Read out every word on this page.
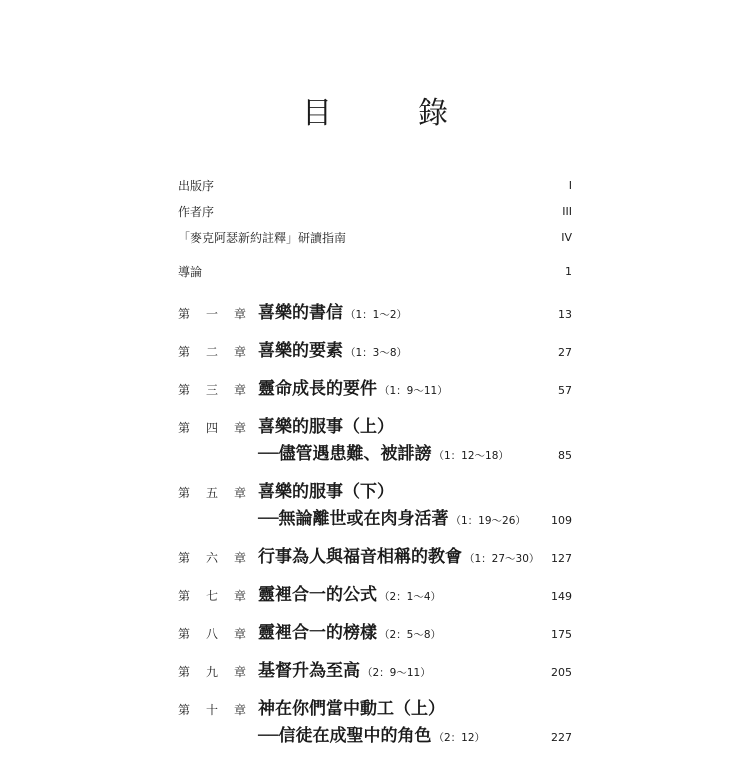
目　錄
出版序	I
作者序	III
「麥克阿瑟新約註釋」研讀指南	IV
導論	1
第 一 章 喜樂的書信 （1：1〜2）	13
第 二 章 喜樂的要素 （1：3〜8）	27
第 三 章 靈命成長的要件 （1：9〜11）	57
第 四 章 喜樂的服事（上）
──儘管遇患難、被誹謗 （1：12〜18）	85
第 五 章 喜樂的服事（下）
──無論離世或在肉身活著 （1：19〜26） 109
第 六 章 行事為人與福音相稱的教會 （1：27〜30） 127
第 七 章 靈裡合一的公式 （2：1〜4）	149
第 八 章 靈裡合一的榜樣 （2：5〜8）	175
第 九 章 基督升為至高 （2：9〜11）	205
第 十 章 神在你們當中動工（上）
──信徒在成聖中的角色 （2：12）	227
